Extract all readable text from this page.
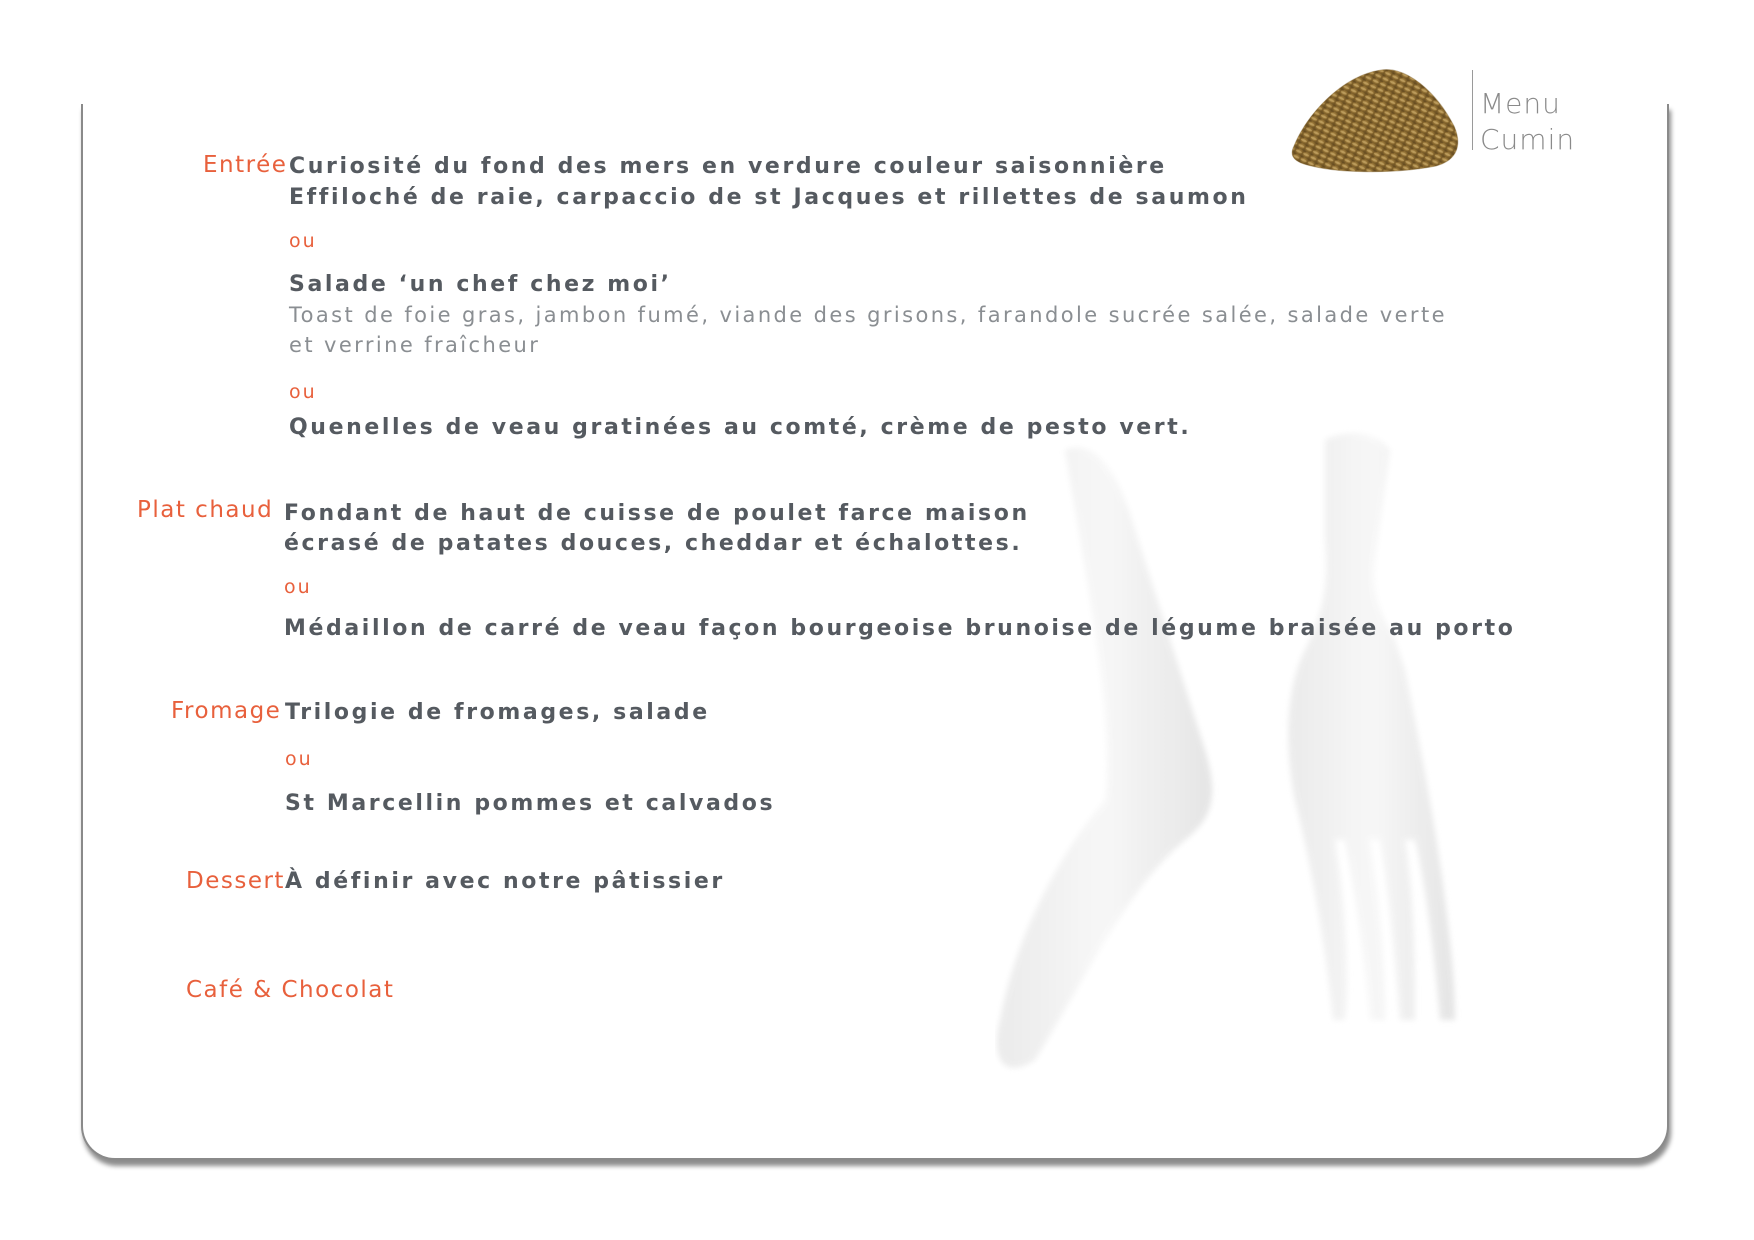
Menu
Cumin
Entrée Curiosité du fond des mers en verdure couleur saisonnière
Effiloché de raie, carpaccio de st Jacques et rillettes de saumon
ou
Salade ‘un chef chez moi’
Toast de foie gras, jambon fumé, viande des grisons, farandole sucrée salée, salade verte
et verrine fraîcheur
ou
Quenelles de veau gratinées au comté, crème de pesto vert.
Plat chaud Fondant de haut de cuisse de poulet farce maison
écrasé de patates douces, cheddar et échalottes.
ou
Médaillon de carré de veau façon bourgeoise brunoise de légume braisée au porto
Fromage Trilogie de fromages, salade
ou
St Marcellin pommes et calvados
Dessert À définir avec notre pâtissier
Café & Chocolat
